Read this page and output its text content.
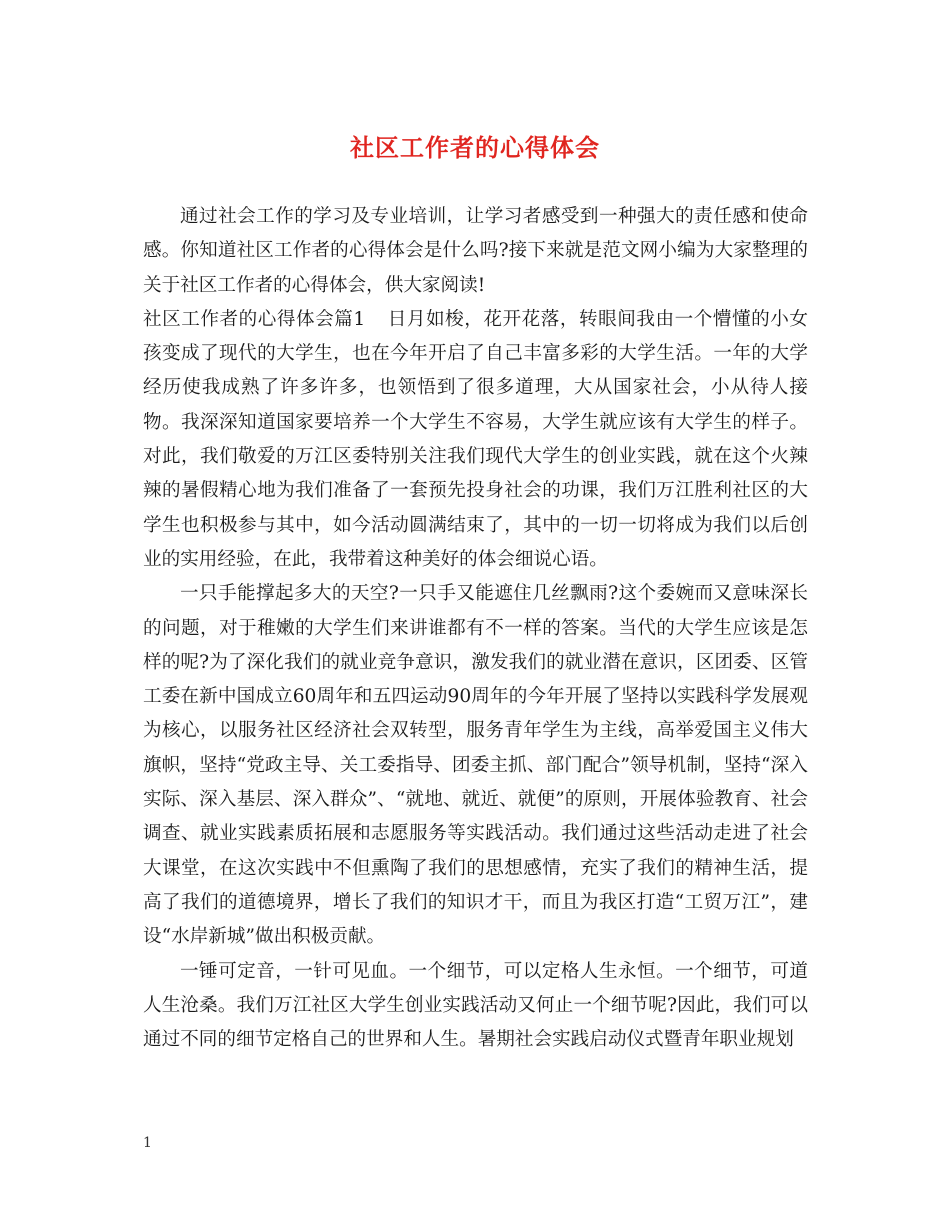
社区工作者的心得体会

通过社会工作的学习及专业培训，让学习者感受到一种强大的责任感和使命感。你知道社区工作者的心得体会是什么吗?接下来就是范文网小编为大家整理的关于社区工作者的心得体会，供大家阅读!

社区工作者的心得体会篇1 日月如梭，花开花落，转眼间我由一个懵懂的小女孩变成了现代的大学生，也在今年开启了自己丰富多彩的大学生活。一年的大学经历使我成熟了许多许多，也领悟到了很多道理，大从国家社会，小从待人接物。我深深知道国家要培养一个大学生不容易，大学生就应该有大学生的样子。对此，我们敬爱的万江区委特别关注我们现代大学生的创业实践，就在这个火辣辣的暑假精心地为我们准备了一套预先投身社会的功课，我们万江胜利社区的大学生也积极参与其中，如今活动圆满结束了，其中的一切一切将成为我们以后创业的实用经验，在此，我带着这种美好的体会细说心语。

一只手能撑起多大的天空?一只手又能遮住几丝飘雨?这个委婉而又意味深长的问题，对于稚嫩的大学生们来讲谁都有不一样的答案。当代的大学生应该是怎样的呢?为了深化我们的就业竞争意识，激发我们的就业潜在意识，区团委、区管工委在新中国成立60周年和五四运动90周年的今年开展了坚持以实践科学发展观为核心，以服务社区经济社会双转型，服务青年学生为主线，高举爱国主义伟大旗帜，坚持“党政主导、关工委指导、团委主抓、部门配合”领导机制，坚持“深入实际、深入基层、深入群众”、“就地、就近、就便”的原则，开展体验教育、社会调查、就业实践素质拓展和志愿服务等实践活动。我们通过这些活动走进了社会大课堂，在这次实践中不但熏陶了我们的思想感情，充实了我们的精神生活，提高了我们的道德境界，增长了我们的知识才干，而且为我区打造“工贸万江”，建设“水岸新城”做出积极贡献。

一锤可定音，一针可见血。一个细节，可以定格人生永恒。一个细节，可道人生沧桑。我们万江社区大学生创业实践活动又何止一个细节呢?因此，我们可以通过不同的细节定格自己的世界和人生。暑期社会实践启动仪式暨青年职业规划

1
